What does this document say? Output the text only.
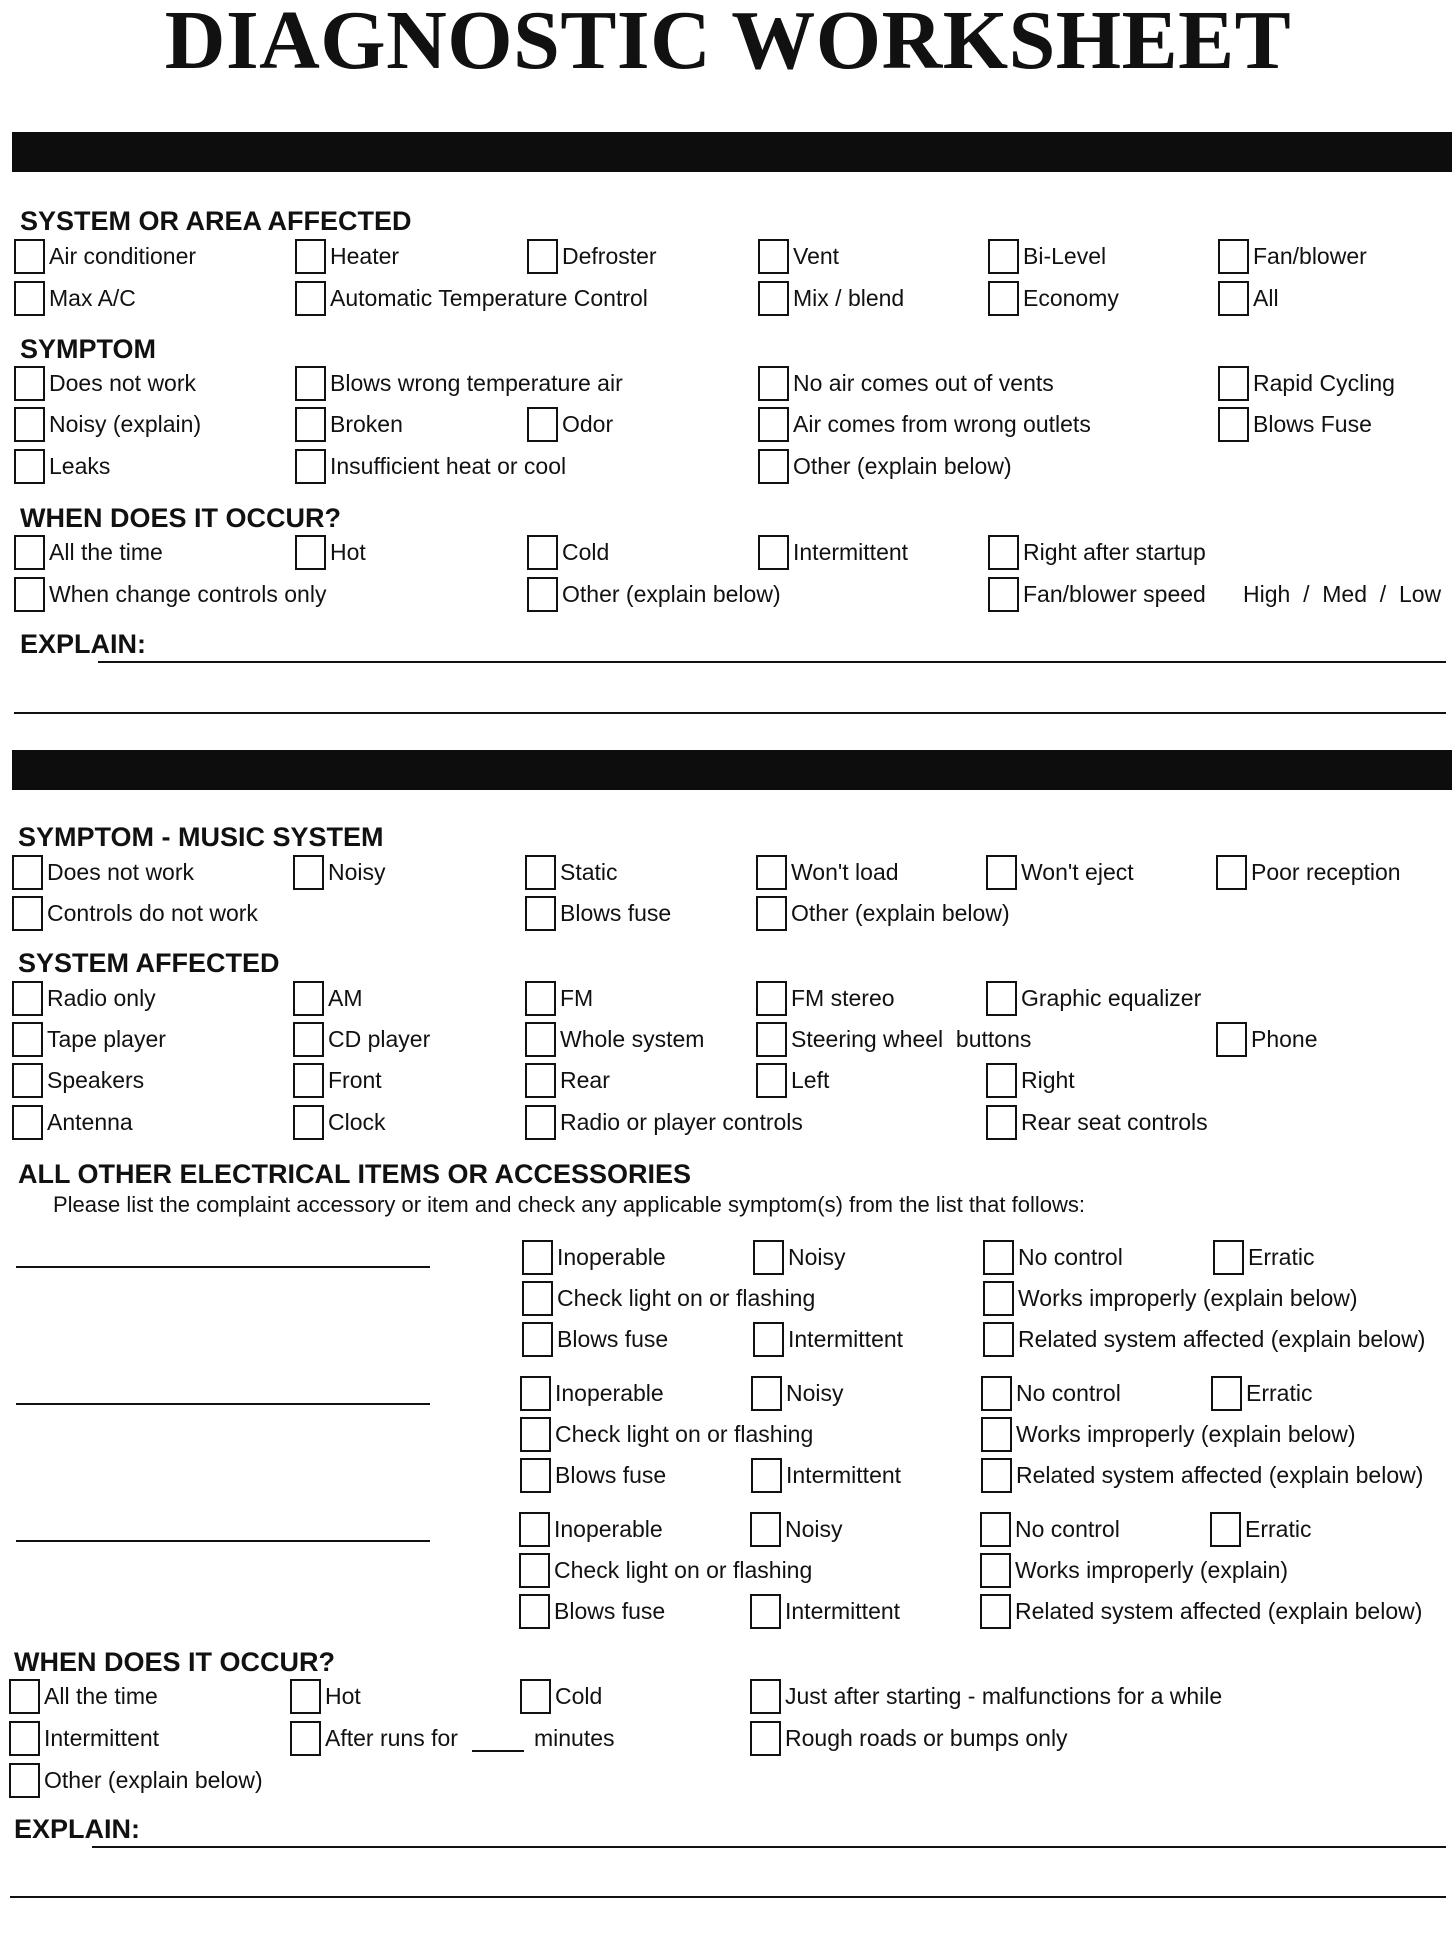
DIAGNOSTIC WORKSHEET
SYSTEM OR AREA AFFECTED
Air conditioner	Heater	Defroster	Vent	Bi-Level	Fan/blower
Max A/C	Automatic Temperature Control	Mix / blend	Economy	All
SYMPTOM
Does not work	Blows wrong temperature air	No air comes out of vents	Rapid Cycling
Noisy (explain)	Broken	Odor	Air comes from wrong outlets	Blows Fuse
Leaks	Insufficient heat or cool	Other (explain below)
WHEN DOES IT OCCUR?
All the time	Hot	Cold	Intermittent	Right after startup
When change controls only	Other (explain below)	Fan/blower speed High  /  Med  /  Low
EXPLAIN:
SYMPTOM - MUSIC SYSTEM
Does not work	Noisy	Static	Won't load	Won't eject	Poor reception
Controls do not work	Blows fuse	Other (explain below)
SYSTEM AFFECTED
Radio only	AM	FM	FM stereo	Graphic equalizer
Tape player	CD player	Whole system	Steering wheel  buttons	Phone
Speakers	Front	Rear	Left	Right
Antenna	Clock	Radio or player controls	Rear seat controls
ALL OTHER ELECTRICAL ITEMS OR ACCESSORIES
Please list the complaint accessory or item and check any applicable symptom(s) from the list that follows:
Inoperable	Noisy	No control	Erratic
Check light on or flashing	Works improperly (explain below)
Blows fuse	Intermittent	Related system affected (explain below)
Inoperable	Noisy	No control	Erratic
Check light on or flashing	Works improperly (explain below)
Blows fuse	Intermittent	Related system affected (explain below)
Inoperable	Noisy	No control	Erratic
Check light on or flashing	Works improperly (explain)
Blows fuse	Intermittent	Related system affected (explain below)
WHEN DOES IT OCCUR?
All the time	Hot	Cold	Just after starting - malfunctions for a while
Intermittent	After runs for	minutes	Rough roads or bumps only
Other (explain below)
EXPLAIN:
